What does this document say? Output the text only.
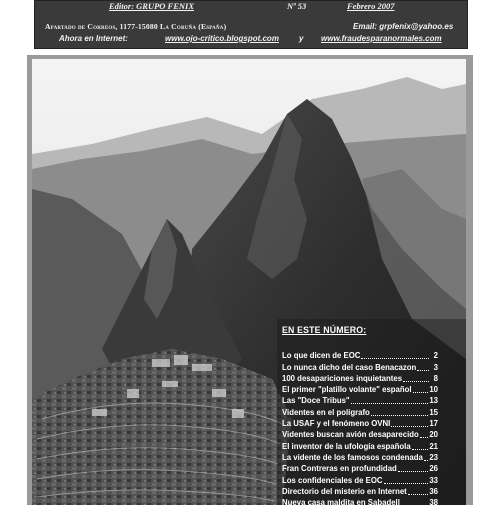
Editor: GRUPO FENIX	Nº 53	Febrero 2007
Apartado de Correos, 1177-15080 La Coruña (España)	Email: grpfenix@yahoo.es
Ahora en Internet:	www.ojo-critico.blogspot.com	y www.fraudesparanormales.com
EN ESTE NÚMERO:
Lo que dicen de EOC	2
Lo nunca dicho del caso Benacazon	3
100 desapariciones inquietantes	8
El primer "platillo volante" español 10
Las "Doce Tribus"	13
Videntes en el polígrafo	15
La USAF y el fenómeno OVNI	17
Videntes buscan avión desaparecido 20
El inventor de la ufología española 21
La vidente de los famosos condenada 23
Fran Contreras en profundidad	26
Los confidenciales de EOC	33
Directorio del misterio en Internet	36
Nueva casa maldita en Sabadell	38
